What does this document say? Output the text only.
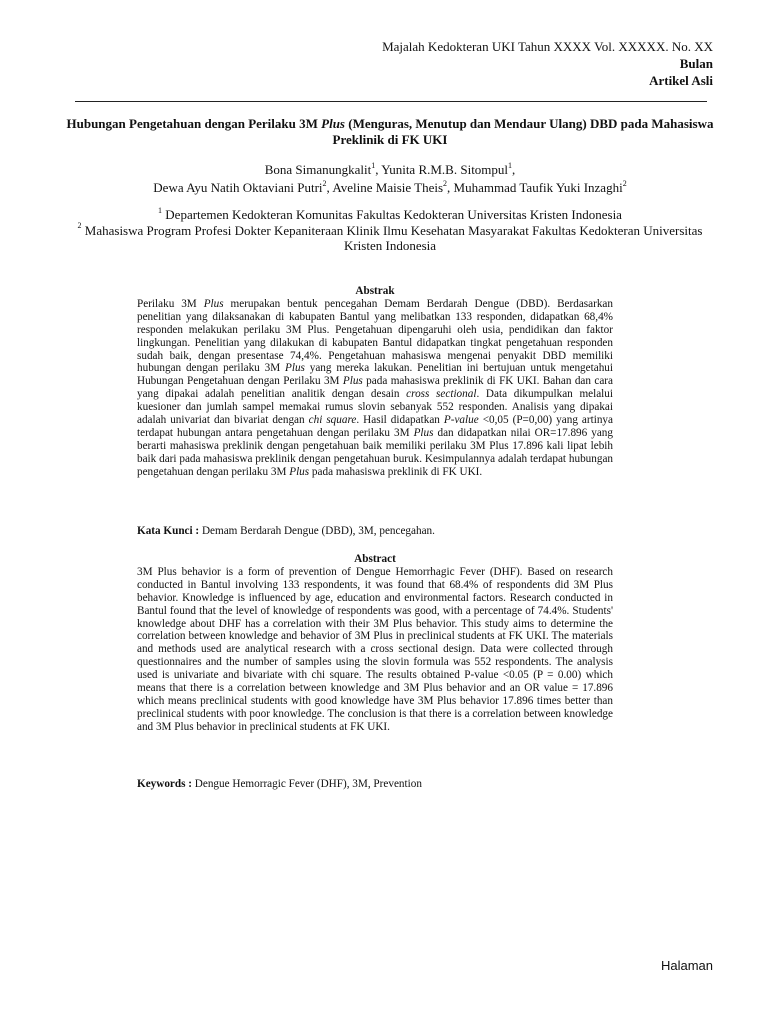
Majalah Kedokteran UKI Tahun XXXX Vol. XXXXX. No. XX
Bulan
Artikel Asli
Hubungan Pengetahuan dengan Perilaku 3M Plus (Menguras, Menutup dan Mendaur Ulang) DBD pada Mahasiswa Preklinik di FK UKI
Bona Simanungkalit$^1$, Yunita R.M.B. Sitompul$^1$,
Dewa Ayu Natih Oktaviani Putri$^2$, Aveline Maisie Theis$^2$, Muhammad Taufik Yuki Inzaghi$^2$
$^1$ Departemen Kedokteran Komunitas Fakultas Kedokteran Universitas Kristen Indonesia
$^2$ Mahasiswa Program Profesi Dokter Kepaniteraan Klinik Ilmu Kesehatan Masyarakat Fakultas Kedokteran Universitas Kristen Indonesia
Abstrak
Perilaku 3M Plus merupakan bentuk pencegahan Demam Berdarah Dengue (DBD). Berdasarkan penelitian yang dilaksanakan di kabupaten Bantul yang melibatkan 133 responden, didapatkan 68,4% responden melakukan perilaku 3M Plus. Pengetahuan dipengaruhi oleh usia, pendidikan dan faktor lingkungan. Penelitian yang dilakukan di kabupaten Bantul didapatkan tingkat pengetahuan responden sudah baik, dengan presentase 74,4%. Pengetahuan mahasiswa mengenai penyakit DBD memiliki hubungan dengan perilaku 3M Plus yang mereka lakukan. Penelitian ini bertujuan untuk mengetahui Hubungan Pengetahuan dengan Perilaku 3M Plus pada mahasiswa preklinik di FK UKI. Bahan dan cara yang dipakai adalah penelitian analitik dengan desain cross sectional. Data dikumpulkan melalui kuesioner dan jumlah sampel memakai rumus slovin sebanyak 552 responden. Analisis yang dipakai adalah univariat dan bivariat dengan chi square. Hasil didapatkan P-value <0,05 (P=0,00) yang artinya terdapat hubungan antara pengetahuan dengan perilaku 3M Plus dan didapatkan nilai OR=17.896 yang berarti mahasiswa preklinik dengan pengetahuan baik memiliki perilaku 3M Plus 17.896 kali lipat lebih baik dari pada mahasiswa preklinik dengan pengetahuan buruk. Kesimpulannya adalah terdapat hubungan pengetahuan dengan perilaku 3M Plus pada mahasiswa preklinik di FK UKI.
Kata Kunci : Demam Berdarah Dengue (DBD), 3M, pencegahan.
Abstract
3M Plus behavior is a form of prevention of Dengue Hemorrhagic Fever (DHF). Based on research conducted in Bantul involving 133 respondents, it was found that 68.4% of respondents did 3M Plus behavior. Knowledge is influenced by age, education and environmental factors. Research conducted in Bantul found that the level of knowledge of respondents was good, with a percentage of 74.4%. Students' knowledge about DHF has a correlation with their 3M Plus behavior. This study aims to determine the correlation between knowledge and behavior of 3M Plus in preclinical students at FK UKI. The materials and methods used are analytical research with a cross sectional design. Data were collected through questionnaires and the number of samples using the slovin formula was 552 respondents. The analysis used is univariate and bivariate with chi square. The results obtained P-value <0.05 (P = 0.00) which means that there is a correlation between knowledge and 3M Plus behavior and an OR value = 17.896 which means preclinical students with good knowledge have 3M Plus behavior 17.896 times better than preclinical students with poor knowledge. The conclusion is that there is a correlation between knowledge and 3M Plus behavior in preclinical students at FK UKI.
Keywords : Dengue Hemorragic Fever (DHF), 3M, Prevention
Halaman
